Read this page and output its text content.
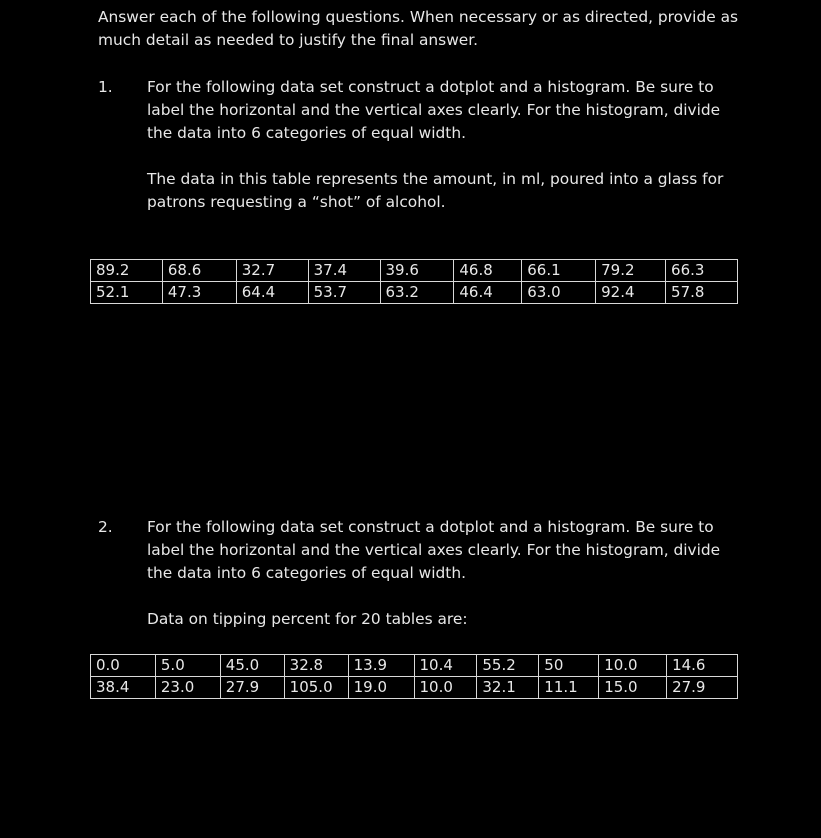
Answer each of the following questions. When necessary or as directed, provide as much detail as needed to justify the final answer.
1. For the following data set construct a dotplot and a histogram. Be sure to label the horizontal and the vertical axes clearly. For the histogram, divide the data into 6 categories of equal width.
The data in this table represents the amount, in ml, poured into a glass for patrons requesting a “shot” of alcohol.
89.2	68.6	32.7	37.4	39.6	46.8	66.1	79.2	66.3
52.1	47.3	64.4	53.7	63.2	46.4	63.0	92.4	57.8
2. For the following data set construct a dotplot and a histogram. Be sure to label the horizontal and the vertical axes clearly. For the histogram, divide the data into 6 categories of equal width.
Data on tipping percent for 20 tables are:
0.0	5.0	45.0	32.8	13.9	10.4	55.2	50	10.0	14.6
38.4	23.0	27.9	105.0	19.0	10.0	32.1	11.1	15.0	27.9
